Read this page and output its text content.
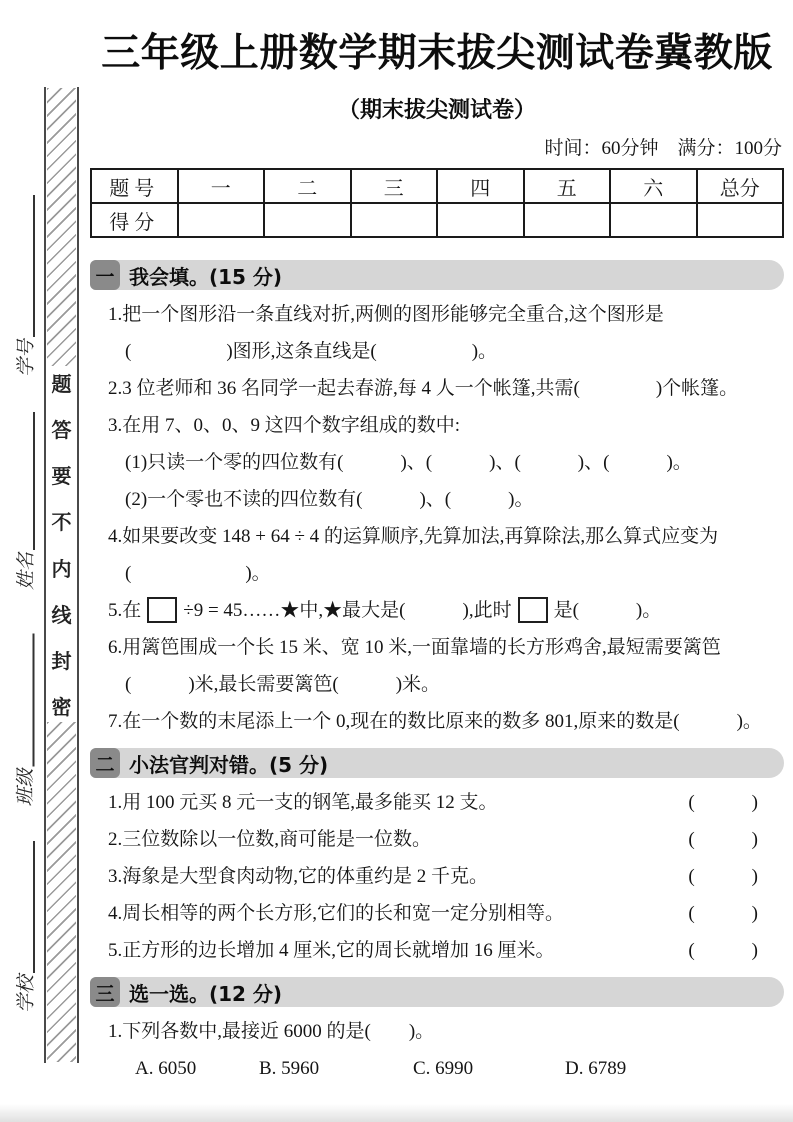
题
答
要
不
内
线
封
密
学号
姓名
班级
学校
三年级上册数学期末拔尖测试卷冀教版
（期末拔尖测试卷）
时间：60分钟　满分：100分
题号	一	二	三	四	五	六	总分
得分							
一 我会填。(15 分)
1.把一个图形沿一条直线对折,两侧的图形能够完全重合,这个图形是
(　　　　　)图形,这条直线是(　　　　　)。
2.3 位老师和 36 名同学一起去春游,每 4 人一个帐篷,共需(　　　　)个帐篷。
3.在用 7、0、0、9 这四个数字组成的数中:
(1)只读一个零的四位数有(　　　)、(　　　)、(　　　)、(　　　)。
(2)一个零也不读的四位数有(　　　)、(　　　)。
4.如果要改变 148 + 64 ÷ 4 的运算顺序,先算加法,再算除法,那么算式应变为
(　　　　　　)。
5.在 ÷9 = 45……★中,★最大是(　　　),此时 是(　　　)。
6.用篱笆围成一个长 15 米、宽 10 米,一面靠墙的长方形鸡舍,最短需要篱笆
(　　　)米,最长需要篱笆(　　　)米。
7.在一个数的末尾添上一个 0,现在的数比原来的数多 801,原来的数是(　　　)。
二 小法官判对错。(5 分)
1.用 100 元买 8 元一支的钢笔,最多能买 12 支。	(　　　)
2.三位数除以一位数,商可能是一位数。	(　　　)
3.海象是大型食肉动物,它的体重约是 2 千克。	(　　　)
4.周长相等的两个长方形,它们的长和宽一定分别相等。	(　　　)
5.正方形的边长增加 4 厘米,它的周长就增加 16 厘米。	(　　　)
三 选一选。(12 分)
1.下列各数中,最接近 6000 的是(　　)。
A. 6050	B. 5960	C. 6990	D. 6789
